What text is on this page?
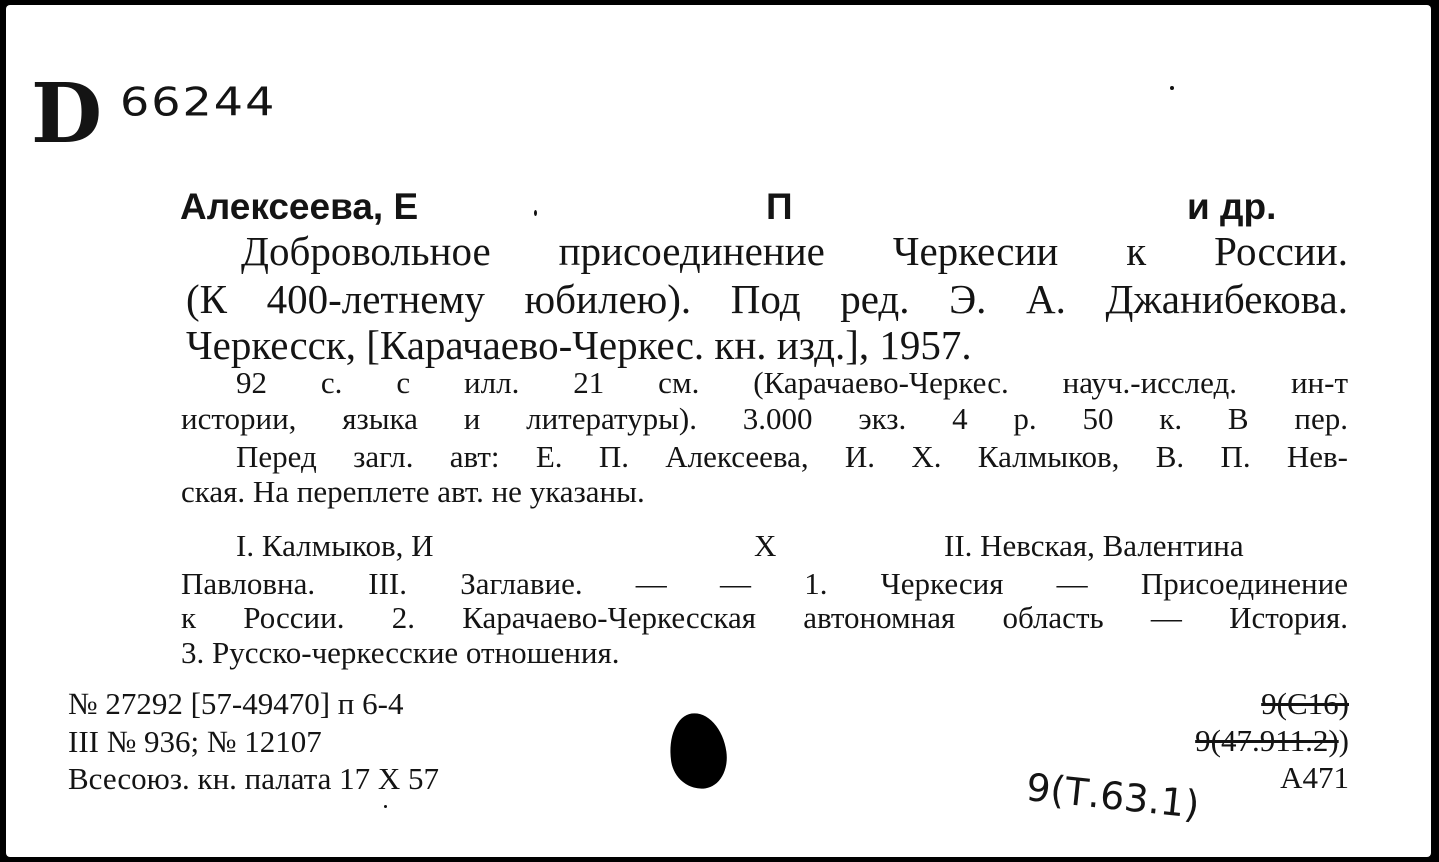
D 66244
Алексеева, Е	П	и др.
Добровольное присоединение Черкесии к России.
(К 400-летнему юбилею). Под ред. Э. А. Джанибекова.
Черкесск, [Карачаево-Черкес. кн. изд.], 1957.
92 с. с илл. 21 см. (Карачаево-Черкес. науч.-исслед. ин-т
истории, языка и литературы). 3.000 экз. 4 р. 50 к. В пер.
Перед загл. авт: Е. П. Алексеева, И. Х. Калмыков, В. П. Нев-
ская. На переплете авт. не указаны.
I. Калмыков, И	Х	II. Невская, Валентина
Павловна. III. Заглавие. — — 1. Черкесия — Присоединение
к России. 2. Карачаево-Черкесская автономная область — История.
3. Русско-черкесские отношения.
№ 27292 [57-49470] п 6-4
III № 936; № 12107
Всесоюз. кн. палата 17 Х 57
9(С16)
9(47.911.2))
А471
9(Т.63.1)
